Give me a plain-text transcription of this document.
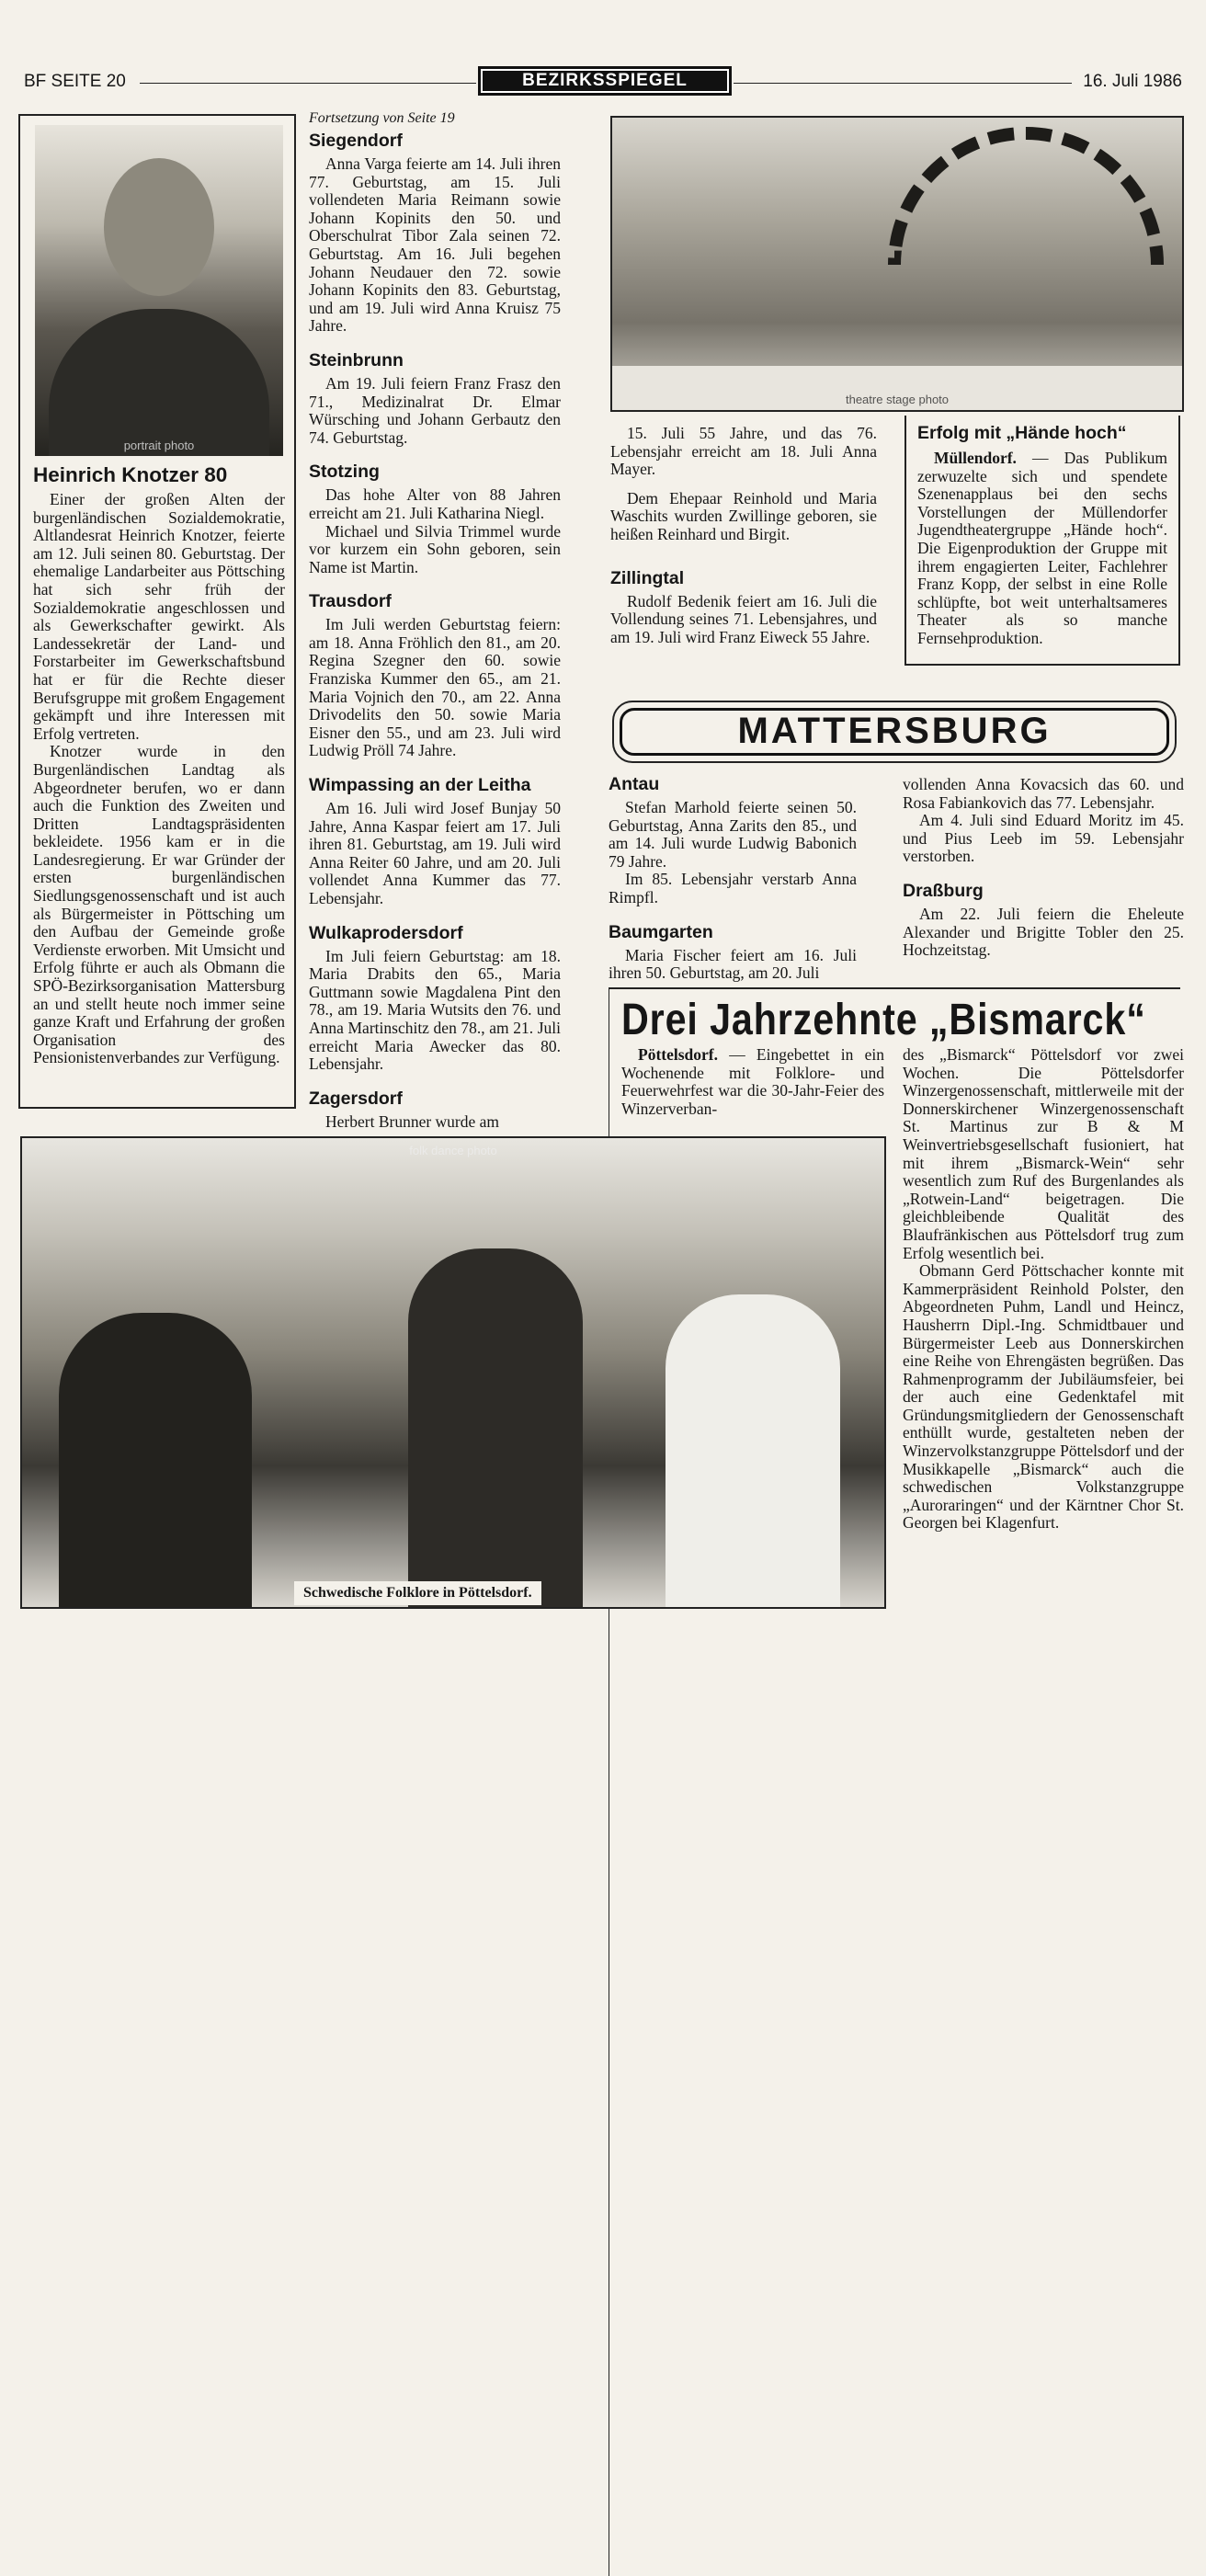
BF SEITE 20	BEZIRKSSPIEGEL	16. Juli 1986
portrait photo
Heinrich Knotzer 80

Einer der großen Alten der burgenländischen Sozialdemokratie, Altlandesrat Heinrich Knotzer, feierte am 12. Juli seinen 80. Geburtstag. Der ehemalige Landarbeiter aus Pöttsching hat sich sehr früh der Sozialdemokratie angeschlossen und als Gewerkschafter gewirkt. Als Landessekretär der Land- und Forstarbeiter im Gewerkschaftsbund hat er für die Rechte dieser Berufsgruppe mit großem Engagement gekämpft und ihre Interessen mit Erfolg vertreten.

Knotzer wurde in den Burgenländischen Landtag als Abgeordneter berufen, wo er dann auch die Funktion des Zweiten und Dritten Landtagspräsidenten bekleidete. 1956 kam er in die Landesregierung. Er war Gründer der ersten burgenländischen Siedlungsgenossenschaft und ist auch als Bürgermeister in Pöttsching um den Aufbau der Gemeinde große Verdienste erworben. Mit Umsicht und Erfolg führte er auch als Obmann die SPÖ-Bezirksorganisation Mattersburg an und stellt heute noch immer seine ganze Kraft und Erfahrung der großen Organisation des Pensionistenverbandes zur Verfügung.

Fortsetzung von Seite 19
Siegendorf

Anna Varga feierte am 14. Juli ihren 77. Geburtstag, am 15. Juli vollendeten Maria Reimann sowie Johann Kopinits den 50. und Oberschulrat Tibor Zala seinen 72. Geburtstag. Am 16. Juli begehen Johann Neudauer den 72. sowie Johann Kopinits den 83. Geburtstag, und am 19. Juli wird Anna Kruisz 75 Jahre.

Steinbrunn

Am 19. Juli feiern Franz Frasz den 71., Medizinalrat Dr. Elmar Würsching und Johann Gerbautz den 74. Geburtstag.

Stotzing

Das hohe Alter von 88 Jahren erreicht am 21. Juli Katharina Niegl.

Michael und Silvia Trimmel wurde vor kurzem ein Sohn geboren, sein Name ist Martin.

Trausdorf

Im Juli werden Geburtstag feiern: am 18. Anna Fröhlich den 81., am 20. Regina Szegner den 60. sowie Franziska Kummer den 65., am 21. Maria Vojnich den 70., am 22. Anna Drivodelits den 50. sowie Maria Eisner den 55., und am 23. Juli wird Ludwig Pröll 74 Jahre.

Wimpassing an der Leitha

Am 16. Juli wird Josef Bunjay 50 Jahre, Anna Kaspar feiert am 17. Juli ihren 81. Geburtstag, am 19. Juli wird Anna Reiter 60 Jahre, und am 20. Juli vollendet Anna Kummer das 77. Lebensjahr.

Wulkaprodersdorf

Im Juli feiern Geburtstag: am 18. Maria Drabits den 65., Maria Guttmann sowie Magdalena Pint den 78., am 19. Maria Wutsits den 76. und Anna Martinschitz den 78., am 21. Juli erreicht Maria Awecker das 80. Lebensjahr.

Zagersdorf

Herbert Brunner wurde am

theatre stage photo

15. Juli 55 Jahre, und das 76. Lebensjahr erreicht am 18. Juli Anna Mayer.

Dem Ehepaar Reinhold und Maria Waschits wurden Zwillinge geboren, sie heißen Reinhard und Birgit.

Zillingtal

Rudolf Bedenik feiert am 16. Juli die Vollendung seines 71. Lebensjahres, und am 19. Juli wird Franz Eiweck 55 Jahre.

Erfolg mit „Hände hoch“

Müllendorf. — Das Publikum zerwuzelte sich und spendete Szenenapplaus bei den sechs Vorstellungen der Müllendorfer Jugendtheatergruppe „Hände hoch“. Die Eigenproduktion der Gruppe mit ihrem engagierten Leiter, Fachlehrer Franz Kopp, der selbst in eine Rolle schlüpfte, bot weit unterhaltsameres Theater als so manche Fernsehproduktion.

MATTERSBURG
Antau

Stefan Marhold feierte seinen 50. Geburtstag, Anna Zarits den 85., und am 14. Juli wurde Ludwig Babonich 79 Jahre.

Im 85. Lebensjahr verstarb Anna Rimpfl.

Baumgarten

Maria Fischer feiert am 16. Juli ihren 50. Geburtstag, am 20. Juli

vollenden Anna Kovacsich das 60. und Rosa Fabiankovich das 77. Lebensjahr.

Am 4. Juli sind Eduard Moritz im 45. und Pius Leeb im 59. Lebensjahr verstorben.

Draßburg

Am 22. Juli feiern die Eheleute Alexander und Brigitte Tobler den 25. Hochzeitstag.

Drei Jahrzehnte „Bismarck“

Pöttelsdorf. — Eingebettet in ein Wochenende mit Folklore- und Feuerwehrfest war die 30-Jahr-Feier des Winzerverban-

des „Bismarck“ Pöttelsdorf vor zwei Wochen. Die Pöttelsdorfer Winzergenossenschaft, mittlerweile mit der Donnerskirchener Winzergenossenschaft St. Martinus zur B & M Weinvertriebsgesellschaft fusioniert, hat mit ihrem „Bismarck-Wein“ sehr wesentlich zum Ruf des Burgenlandes als „Rotwein-Land“ beigetragen. Die gleichbleibende Qualität des Blaufränkischen aus Pöttelsdorf trug zum Erfolg wesentlich bei.

Obmann Gerd Pöttschacher konnte mit Kammerpräsident Reinhold Polster, den Abgeordneten Puhm, Landl und Heincz, Hausherrn Dipl.-Ing. Schmidtbauer und Bürgermeister Leeb aus Donnerskirchen eine Reihe von Ehrengästen begrüßen. Das Rahmenprogramm der Jubiläumsfeier, bei der auch eine Gedenktafel mit Gründungsmitgliedern der Genossenschaft enthüllt wurde, gestalteten neben der Winzervolkstanzgruppe Pöttelsdorf und der Musikkapelle „Bismarck“ auch die schwedischen Volkstanzgruppe „Auroraringen“ und der Kärntner Chor St. Georgen bei Klagenfurt.

folk dance photo
Schwedische Folklore in Pöttelsdorf.
